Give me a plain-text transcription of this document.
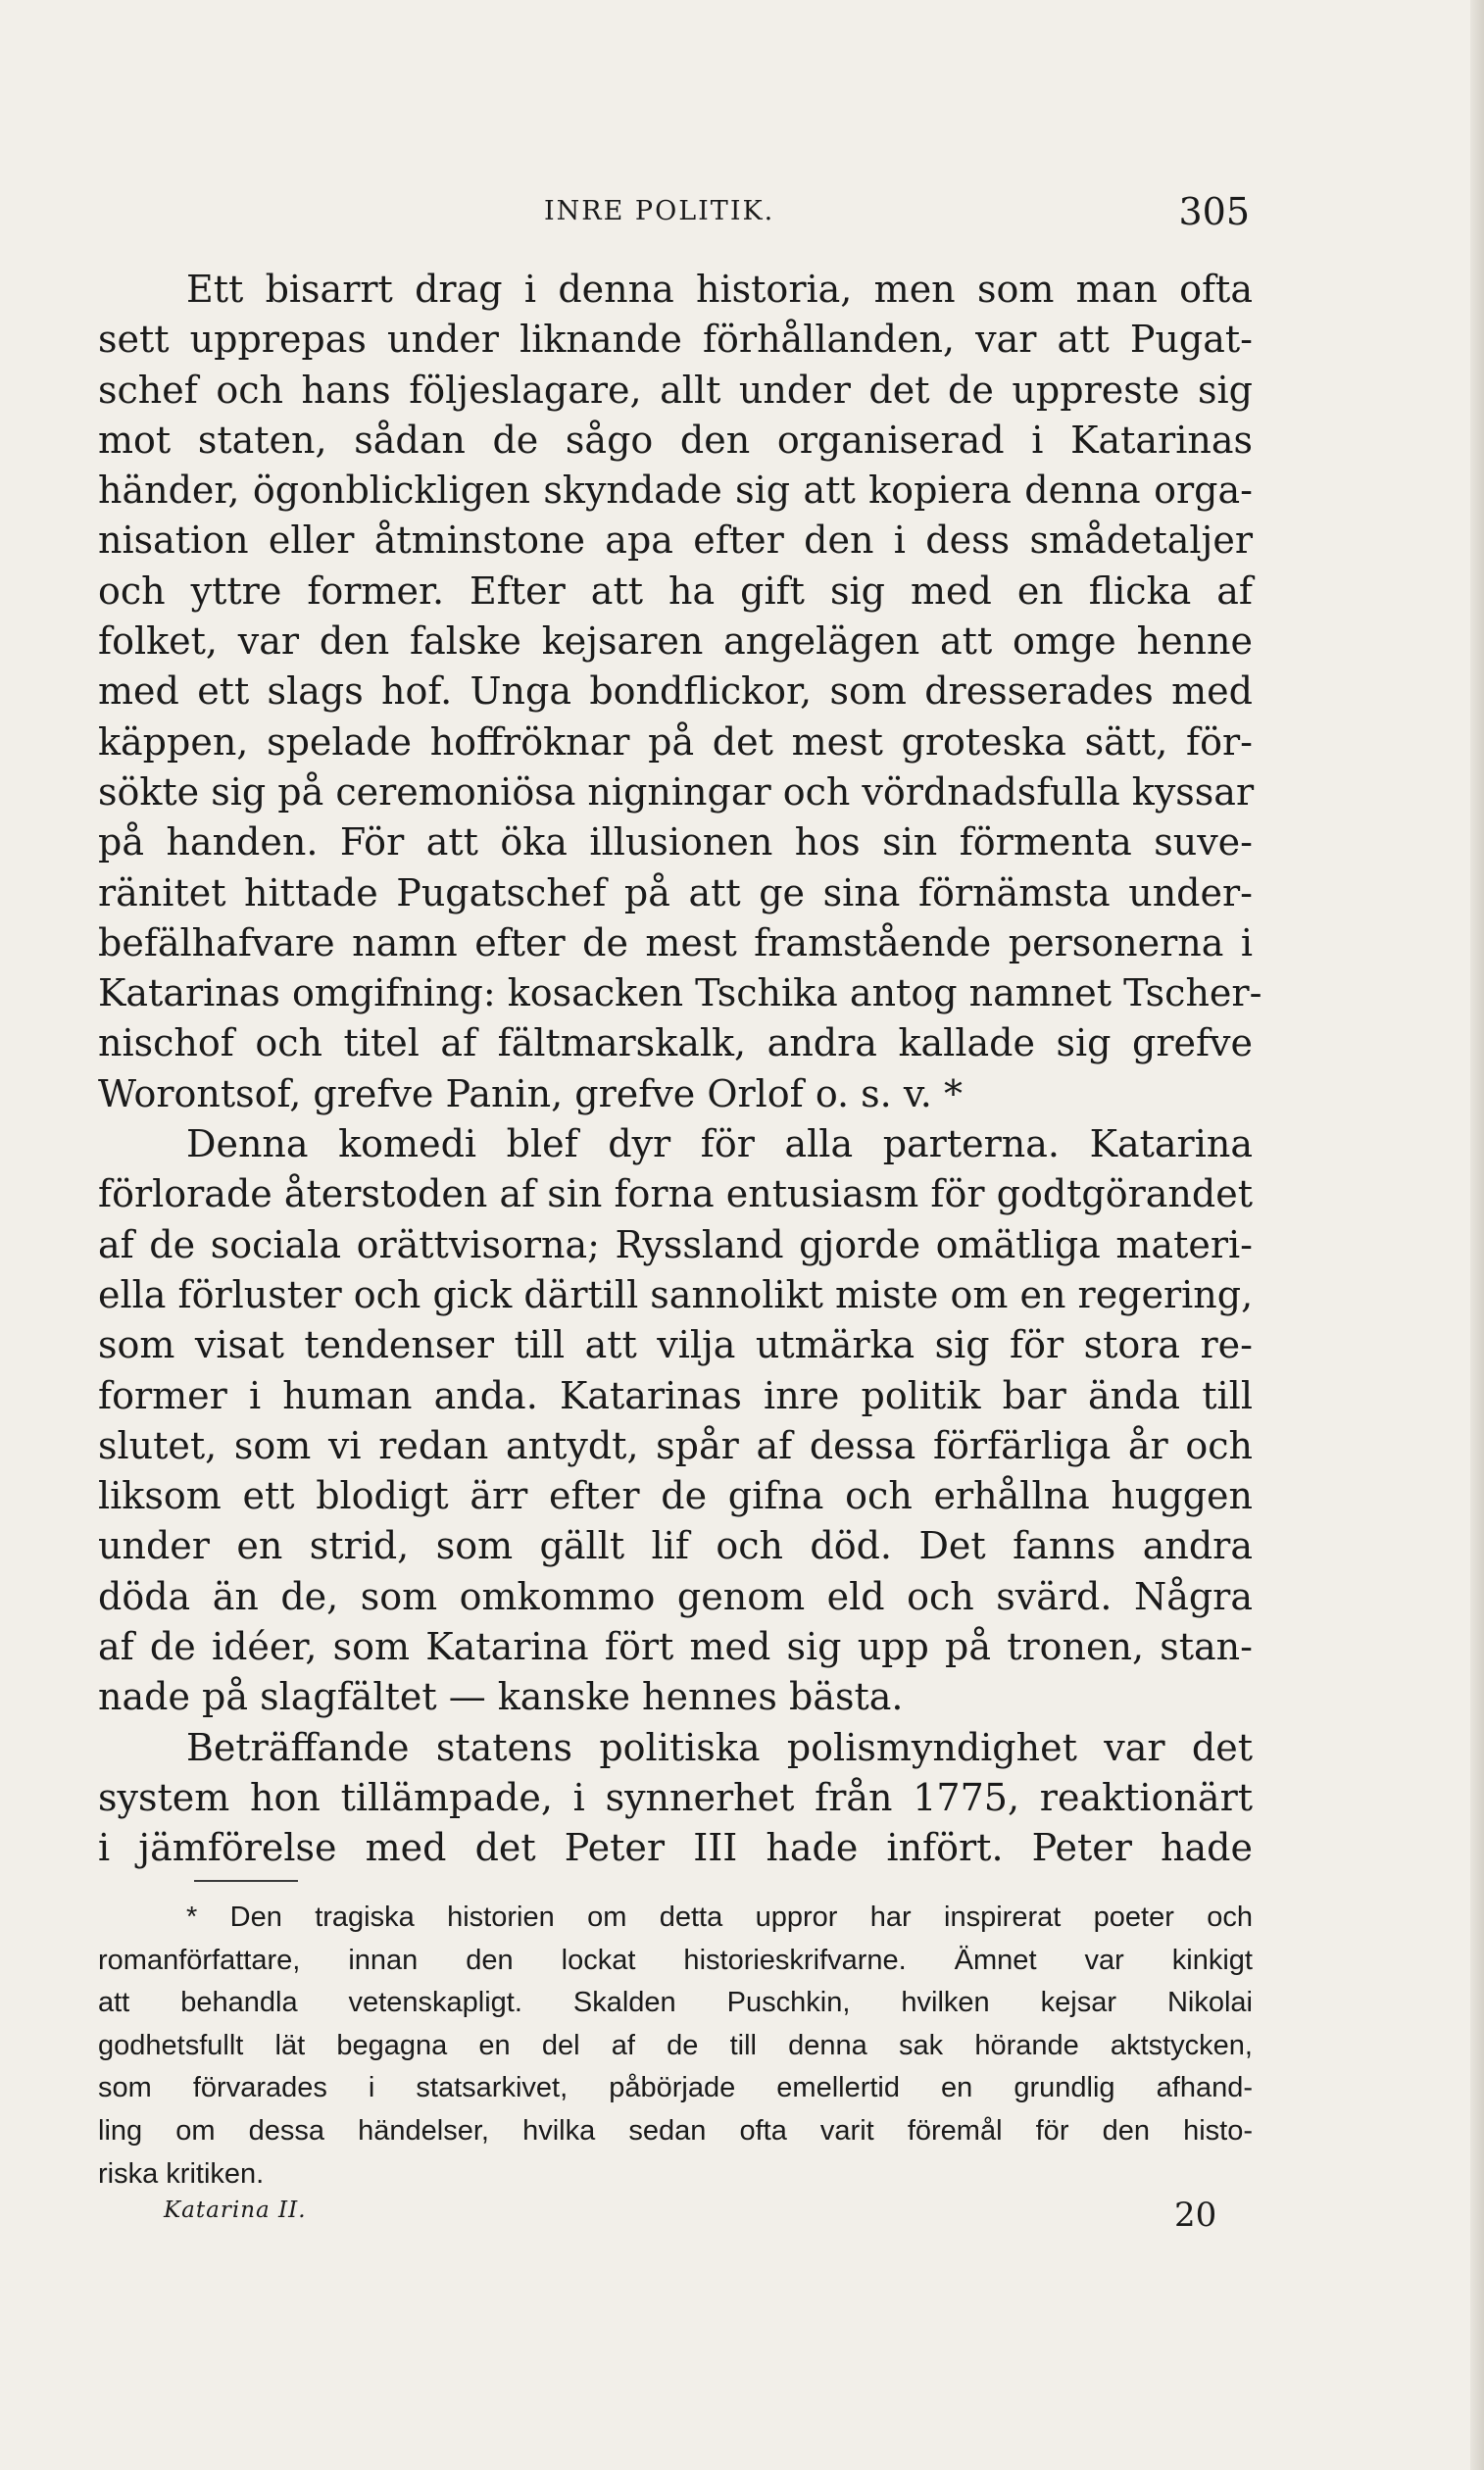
INRE POLITIK.	305
Ett bisarrt drag i denna historia, men som man ofta
sett upprepas under liknande förhållanden, var att Pugat-
schef och hans följeslagare, allt under det de uppreste sig
mot staten, sådan de sågo den organiserad i Katarinas
händer, ögonblickligen skyndade sig att kopiera denna orga-
nisation eller åtminstone apa efter den i dess smådetaljer
och yttre former. Efter att ha gift sig med en flicka af
folket, var den falske kejsaren angelägen att omge henne
med ett slags hof. Unga bondflickor, som dresserades med
käppen, spelade hoffröknar på det mest groteska sätt, för-
sökte sig på ceremoniösa nigningar och vördnadsfulla kyssar
på handen. För att öka illusionen hos sin förmenta suve-
ränitet hittade Pugatschef på att ge sina förnämsta under-
befälhafvare namn efter de mest framstående personerna i
Katarinas omgifning: kosacken Tschika antog namnet Tscher-
nischof och titel af fältmarskalk, andra kallade sig grefve
Worontsof, grefve Panin, grefve Orlof o. s. v. *
Denna komedi blef dyr för alla parterna. Katarina
förlorade återstoden af sin forna entusiasm för godtgörandet
af de sociala orättvisorna; Ryssland gjorde omätliga materi-
ella förluster och gick därtill sannolikt miste om en regering,
som visat tendenser till att vilja utmärka sig för stora re-
former i human anda. Katarinas inre politik bar ända till
slutet, som vi redan antydt, spår af dessa förfärliga år och
liksom ett blodigt ärr efter de gifna och erhållna huggen
under en strid, som gällt lif och död. Det fanns andra
döda än de, som omkommo genom eld och svärd. Några
af de idéer, som Katarina fört med sig upp på tronen, stan-
nade på slagfältet — kanske hennes bästa.
Beträffande statens politiska polismyndighet var det
system hon tillämpade, i synnerhet från 1775, reaktionärt
i jämförelse med det Peter III hade infört. Peter hade
* Den tragiska historien om detta uppror har inspirerat poeter och
romanförfattare, innan den lockat historieskrifvarne. Ämnet var kinkigt
att behandla vetenskapligt. Skalden Puschkin, hvilken kejsar Nikolai
godhetsfullt lät begagna en del af de till denna sak hörande aktstycken,
som förvarades i statsarkivet, påbörjade emellertid en grundlig afhand-
ling om dessa händelser, hvilka sedan ofta varit föremål för den histo-
riska kritiken.
Katarina II.	20
